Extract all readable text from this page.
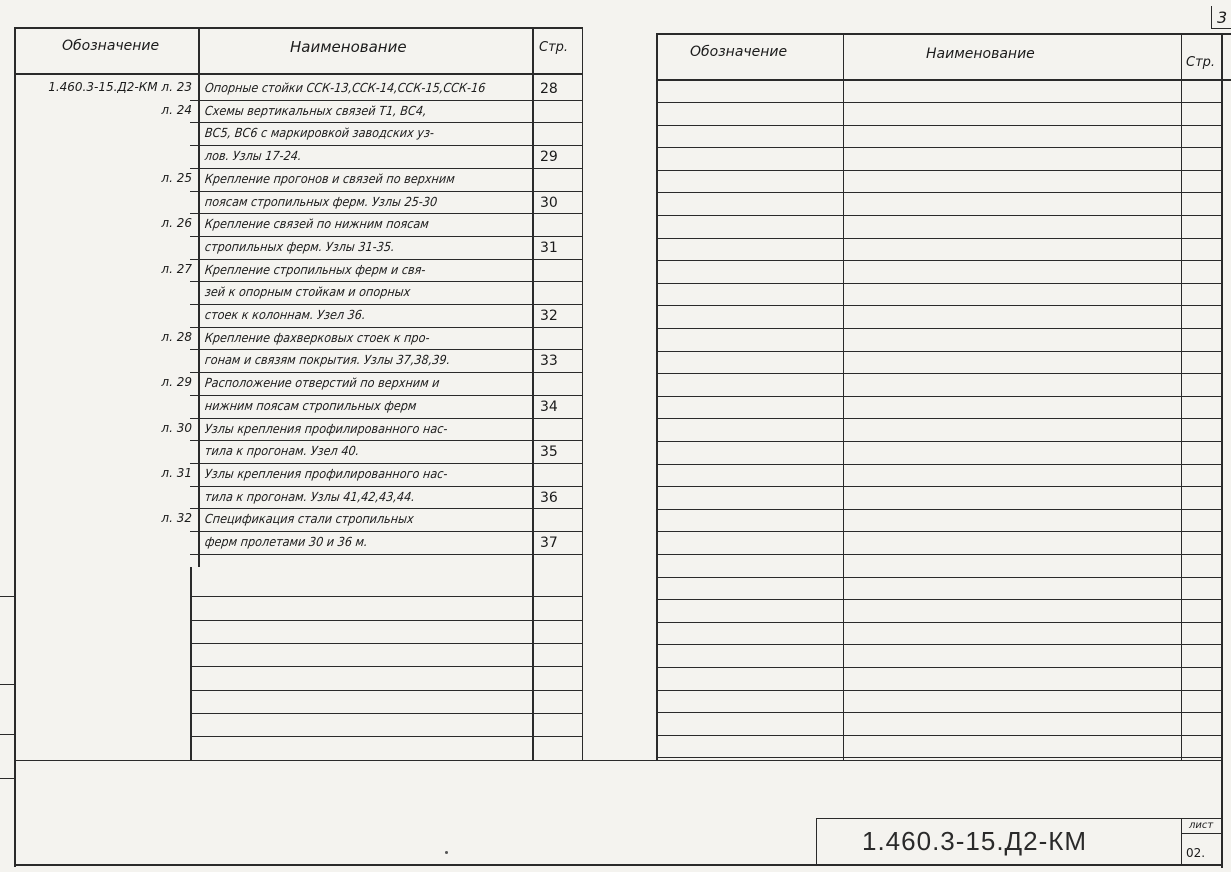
3
Обозначение	Наименование	Стр.
1.460.3-15.Д2-КМ л. 23 Опорные стойки ССК-13,ССК-14,ССК-15,ССК-16	28
л. 24 Схемы вертикальных связей Т1, ВС4,
ВС5, ВС6 с маркировкой заводских уз-
лов. Узлы 17-24.	29
л. 25 Крепление прогонов и связей по верхним
поясам стропильных ферм. Узлы 25-30	30
л. 26 Крепление связей по нижним поясам
стропильных ферм. Узлы 31-35.	31
л. 27 Крепление стропильных ферм и свя-
зей к опорным стойкам и опорных
стоек к колоннам. Узел 36.	32
л. 28 Крепление фахверковых стоек к про-
гонам и связям покрытия. Узлы 37,38,39.	33
л. 29 Расположение отверстий по верхним и
нижним поясам стропильных ферм	34
л. 30 Узлы крепления профилированного нас-
тила к прогонам. Узел 40.	35
л. 31 Узлы крепления профилированного нас-
тила к прогонам. Узлы 41,42,43,44.	36
л. 32 Спецификация стали стропильных
ферм пролетами 30 и 36 м.	37
Обозначение	Наименование
Стр.
1.460.3-15.Д2-КМ
лист
02.
